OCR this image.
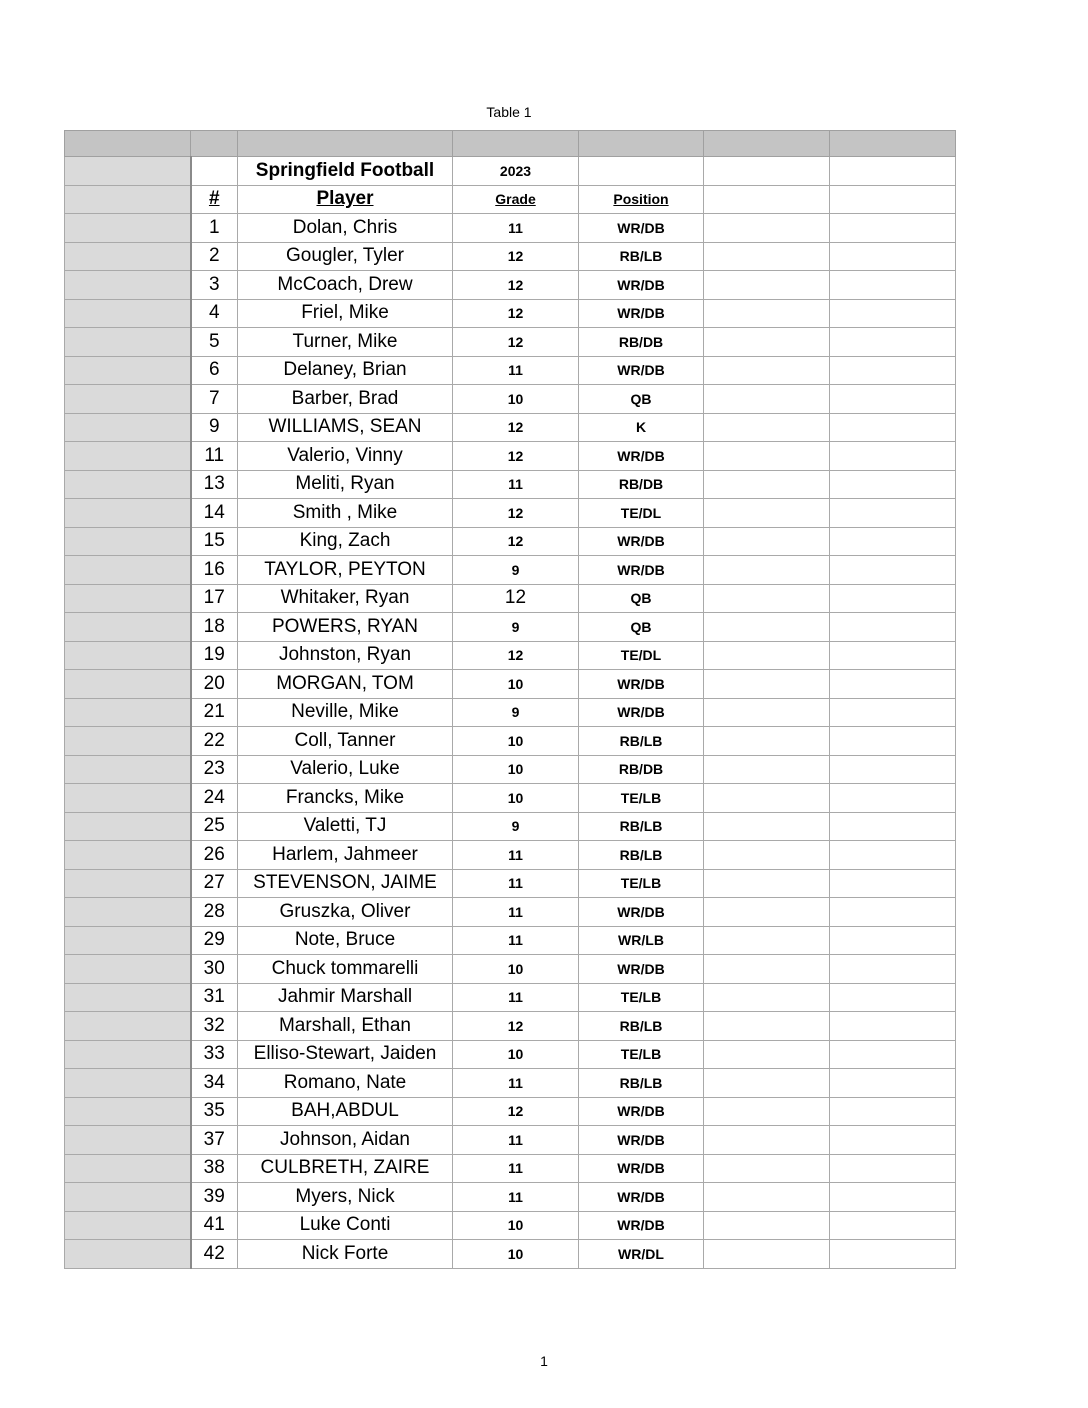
Table 1

		Springfield Football	2023			
	#	Player	Grade	Position		
	1	Dolan, Chris	11	WR/DB		
	2	Gougler, Tyler	12	RB/LB		
	3	McCoach, Drew	12	WR/DB		
	4	Friel, Mike	12	WR/DB		
	5	Turner, Mike	12	RB/DB		
	6	Delaney, Brian	11	WR/DB		
	7	Barber, Brad	10	QB		
	9	WILLIAMS, SEAN	12	K		
	11	Valerio, Vinny	12	WR/DB		
	13	Meliti, Ryan	11	RB/DB		
	14	Smith , Mike	12	TE/DL		
	15	King, Zach	12	WR/DB		
	16	TAYLOR, PEYTON	9	WR/DB		
	17	Whitaker, Ryan	12	QB		
	18	POWERS, RYAN	9	QB		
	19	Johnston, Ryan	12	TE/DL		
	20	MORGAN, TOM	10	WR/DB		
	21	Neville, Mike	9	WR/DB		
	22	Coll, Tanner	10	RB/LB		
	23	Valerio, Luke	10	RB/DB		
	24	Francks, Mike	10	TE/LB		
	25	Valetti, TJ	9	RB/LB		
	26	Harlem, Jahmeer	11	RB/LB		
	27	STEVENSON, JAIME	11	TE/LB		
	28	Gruszka, Oliver	11	WR/DB		
	29	Note, Bruce	11	WR/LB		
	30	Chuck tommarelli	10	WR/DB		
	31	Jahmir Marshall	11	TE/LB		
	32	Marshall, Ethan	12	RB/LB		
	33	Elliso-Stewart, Jaiden	10	TE/LB		
	34	Romano, Nate	11	RB/LB		
	35	BAH,ABDUL	12	WR/DB		
	37	Johnson, Aidan	11	WR/DB		
	38	CULBRETH, ZAIRE	11	WR/DB		
	39	Myers, Nick	11	WR/DB		
	41	Luke Conti	10	WR/DB		
	42	Nick Forte	10	WR/DL		
1
